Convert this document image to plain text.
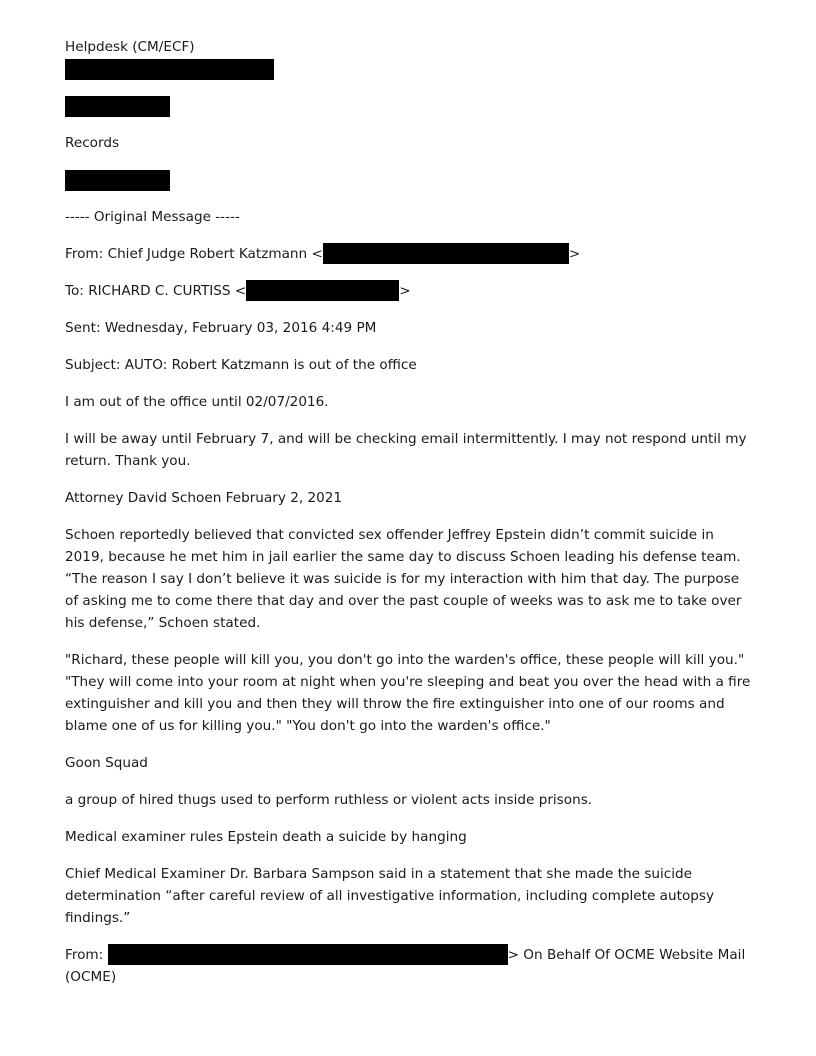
Helpdesk (CM/ECF)
Records
----- Original Message -----
From: Chief Judge Robert Katzmann <	>
To: RICHARD C. CURTISS <	>
Sent: Wednesday, February 03, 2016 4:49 PM
Subject: AUTO: Robert Katzmann is out of the office
I am out of the office until 02/07/2016.
I will be away until February 7, and will be checking email intermittently. I may not respond until my return. Thank you.
Attorney David Schoen February 2, 2021
Schoen reportedly believed that convicted sex offender Jeffrey Epstein didn’t commit suicide in 2019, because he met him in jail earlier the same day to discuss Schoen leading his defense team. “The reason I say I don’t believe it was suicide is for my interaction with him that day. The purpose of asking me to come there that day and over the past couple of weeks was to ask me to take over his defense,” Schoen stated.
"Richard, these people will kill you, you don't go into the warden's office, these people will kill you." "They will come into your room at night when you're sleeping and beat you over the head with a fire extinguisher and kill you and then they will throw the fire extinguisher into one of our rooms and blame one of us for killing you." "You don't go into the warden's office."
Goon Squad
a group of hired thugs used to perform ruthless or violent acts inside prisons.
Medical examiner rules Epstein death a suicide by hanging
Chief Medical Examiner Dr. Barbara Sampson said in a statement that she made the suicide determination “after careful review of all investigative information, including complete autopsy findings.”
From:	> On Behalf Of OCME Website Mail
(OCME)
